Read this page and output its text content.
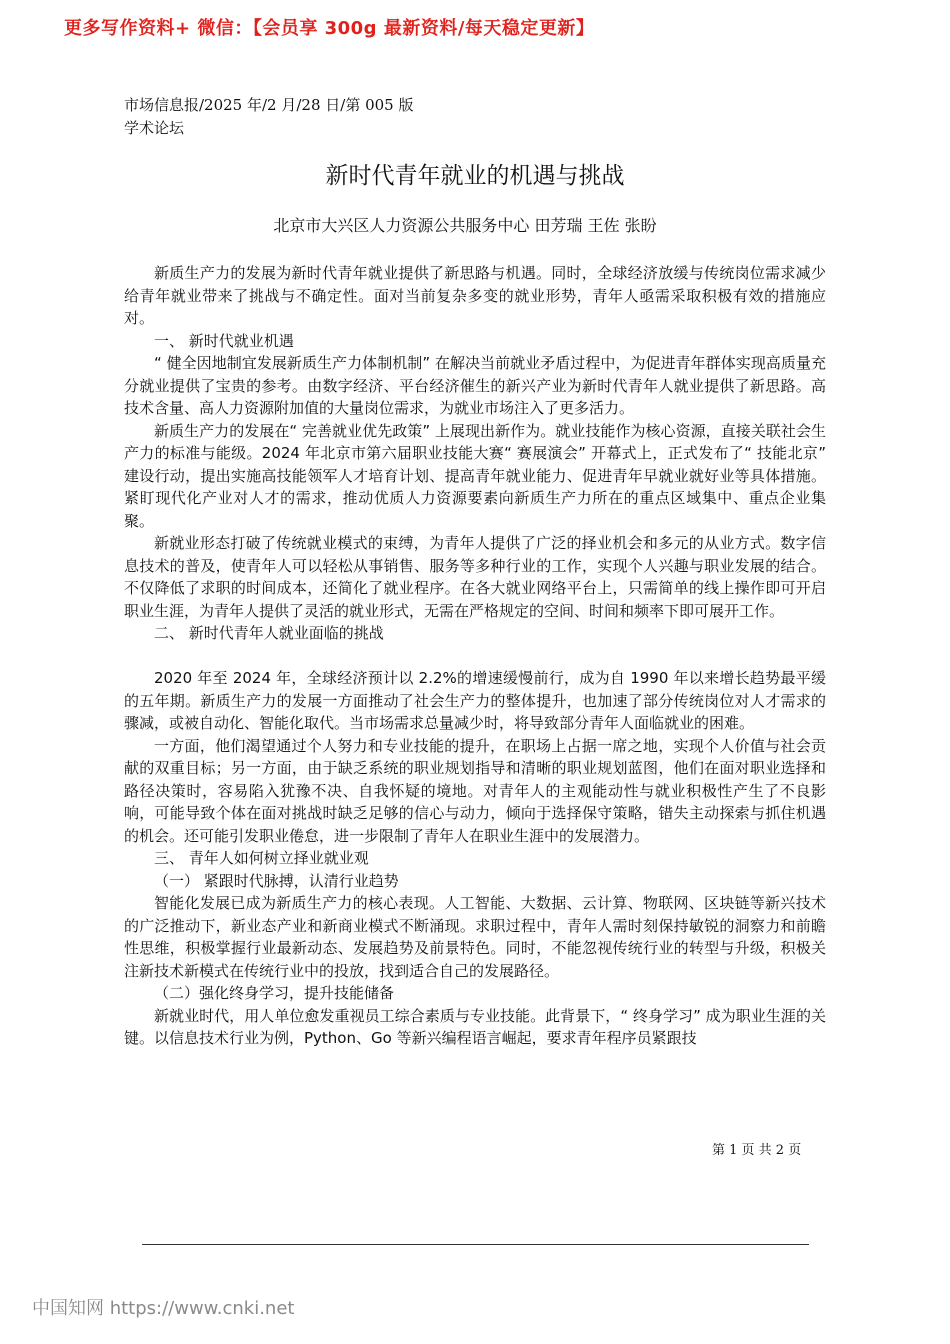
更多写作资料+ 微信：【会员享 300g 最新资料/每天稳定更新】
市场信息报/2025 年/2 月/28 日/第 005 版学术论坛
新时代青年就业的机遇与挑战
北京市大兴区人力资源公共服务中心 田芳瑞 王佐 张盼

新质生产力的发展为新时代青年就业提供了新思路与机遇。同时，全球经济放缓与传统岗位需求减少给青年就业带来了挑战与不确定性。面对当前复杂多变的就业形势，青年人亟需采取积极有效的措施应对。

一、 新时代就业机遇

“ 健全因地制宜发展新质生产力体制机制” 在解决当前就业矛盾过程中，为促进青年群体实现高质量充分就业提供了宝贵的参考。由数字经济、平台经济催生的新兴产业为新时代青年人就业提供了新思路。高技术含量、高人力资源附加值的大量岗位需求，为就业市场注入了更多活力。

新质生产力的发展在“ 完善就业优先政策” 上展现出新作为。就业技能作为核心资源，直接关联社会生产力的标准与能级。2024 年北京市第六届职业技能大赛“ 赛展演会” 开幕式上，正式发布了“ 技能北京” 建设行动，提出实施高技能领军人才培育计划、提高青年就业能力、促进青年早就业就好业等具体措施。紧盯现代化产业对人才的需求，推动优质人力资源要素向新质生产力所在的重点区域集中、重点企业集聚。

新就业形态打破了传统就业模式的束缚，为青年人提供了广泛的择业机会和多元的从业方式。数字信息技术的普及，使青年人可以轻松从事销售、服务等多种行业的工作，实现个人兴趣与职业发展的结合。不仅降低了求职的时间成本，还简化了就业程序。在各大就业网络平台上，只需简单的线上操作即可开启职业生涯，为青年人提供了灵活的就业形式，无需在严格规定的空间、时间和频率下即可展开工作。

二、 新时代青年人就业面临的挑战

2020 年至 2024 年，全球经济预计以 2.2%的增速缓慢前行，成为自 1990 年以来增长趋势最平缓的五年期。新质生产力的发展一方面推动了社会生产力的整体提升，也加速了部分传统岗位对人才需求的骤减，或被自动化、智能化取代。当市场需求总量减少时，将导致部分青年人面临就业的困难。

一方面，他们渴望通过个人努力和专业技能的提升，在职场上占据一席之地，实现个人价值与社会贡献的双重目标；另一方面，由于缺乏系统的职业规划指导和清晰的职业规划蓝图，他们在面对职业选择和路径决策时，容易陷入犹豫不决、自我怀疑的境地。对青年人的主观能动性与就业积极性产生了不良影响，可能导致个体在面对挑战时缺乏足够的信心与动力，倾向于选择保守策略，错失主动探索与抓住机遇的机会。还可能引发职业倦怠，进一步限制了青年人在职业生涯中的发展潜力。

三、 青年人如何树立择业就业观

（一） 紧跟时代脉搏，认清行业趋势

智能化发展已成为新质生产力的核心表现。人工智能、大数据、云计算、物联网、区块链等新兴技术的广泛推动下，新业态产业和新商业模式不断涌现。求职过程中，青年人需时刻保持敏锐的洞察力和前瞻性思维，积极掌握行业最新动态、发展趋势及前景特色。同时，不能忽视传统行业的转型与升级，积极关注新技术新模式在传统行业中的投放，找到适合自己的发展路径。

（二）强化终身学习，提升技能储备

新就业时代，用人单位愈发重视员工综合素质与专业技能。此背景下，“ 终身学习” 成为职业生涯的关键。以信息技术行业为例，Python、Go 等新兴编程语言崛起，要求青年程序员紧跟技

第 1 页 共 2 页
中国知网 https://www.cnki.net
